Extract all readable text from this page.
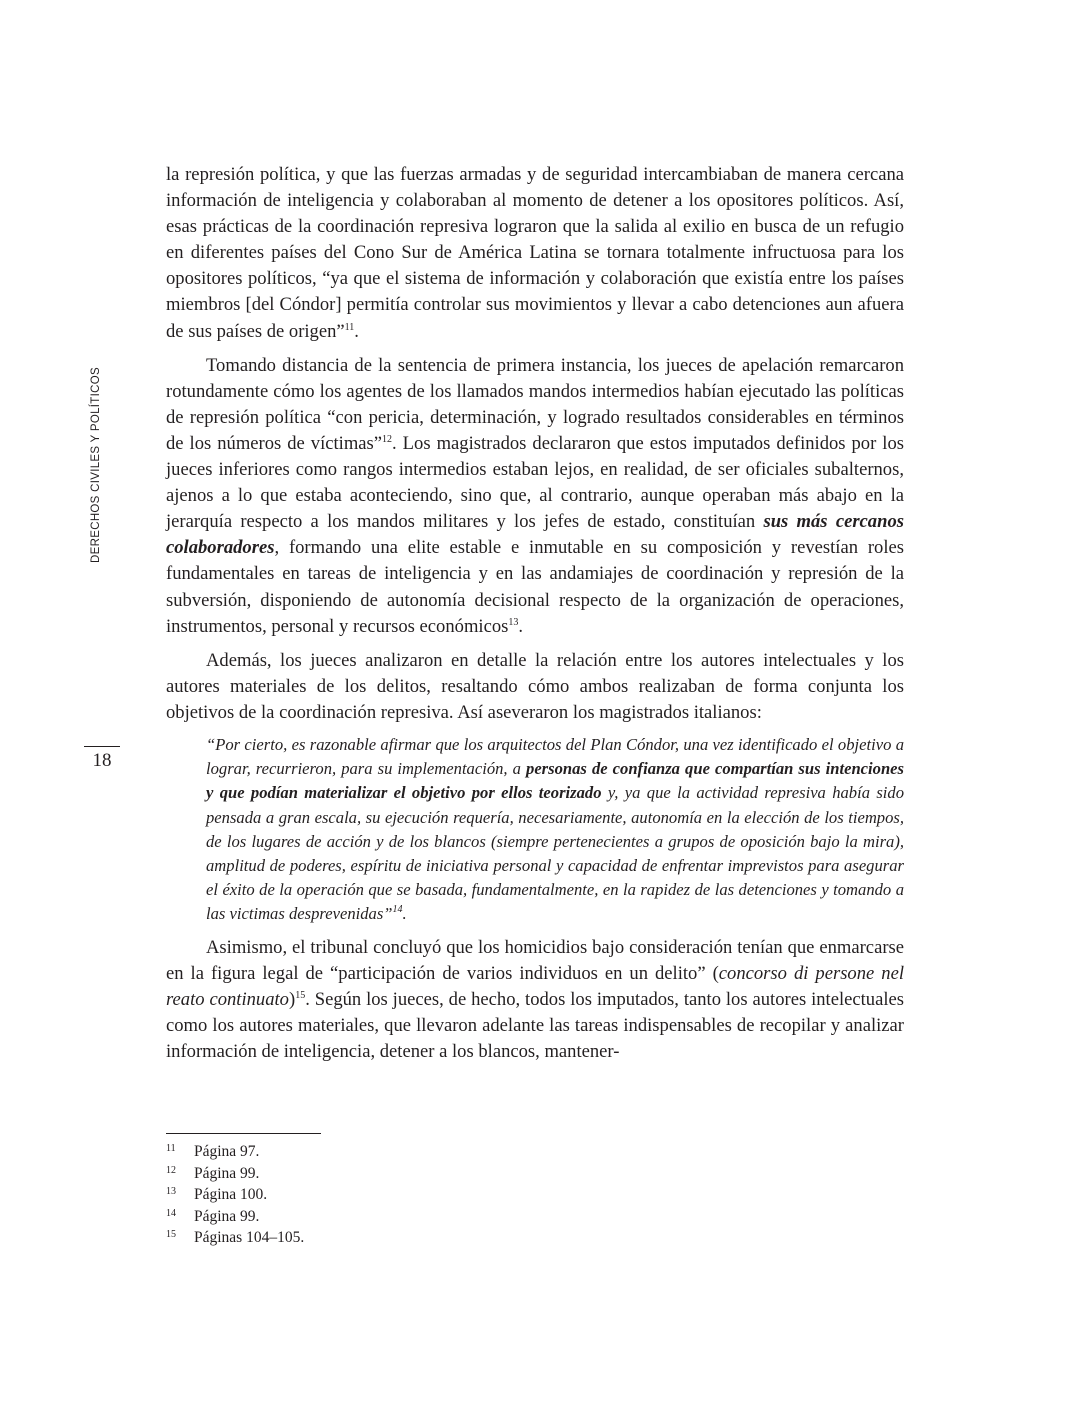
DERECHOS CIVILES Y POLÍTICOS
18

la represión política, y que las fuerzas armadas y de seguridad intercambiaban de manera cercana información de inteligencia y colaboraban al momento de detener a los opositores políticos. Así, esas prácticas de la coordinación represiva lograron que la salida al exilio en busca de un refugio en diferentes países del Cono Sur de América Latina se tornara totalmente infructuosa para los opositores políticos, “ya que el sistema de información y colaboración que existía entre los países miembros [del Cóndor] permitía controlar sus movimientos y llevar a cabo detenciones aun afuera de sus países de origen”$^{11}$.

Tomando distancia de la sentencia de primera instancia, los jueces de apelación remarcaron rotundamente cómo los agentes de los llamados mandos intermedios habían ejecutado las políticas de represión política “con pericia, determinación, y logrado resultados considerables en términos de los números de víctimas”$^{12}$. Los magistrados declararon que estos imputados definidos por los jueces inferiores como rangos intermedios estaban lejos, en realidad, de ser oficiales subalternos, ajenos a lo que estaba aconteciendo, sino que, al contrario, aunque operaban más abajo en la jerarquía respecto a los mandos militares y los jefes de estado, constituían sus más cercanos colaboradores, formando una elite estable e inmutable en su composición y revestían roles fundamentales en tareas de inteligencia y en las andamiajes de coordinación y represión de la subversión, disponiendo de autonomía decisional respecto de la organización de operaciones, instrumentos, personal y recursos económicos$^{13}$.

Además, los jueces analizaron en detalle la relación entre los autores intelectuales y los autores materiales de los delitos, resaltando cómo ambos realizaban de forma conjunta los objetivos de la coordinación represiva. Así aseveraron los magistrados italianos:

“Por cierto, es razonable afirmar que los arquitectos del Plan Cóndor, una vez identificado el objetivo a lograr, recurrieron, para su implementación, a personas de confianza que compartían sus intenciones y que podían materializar el objetivo por ellos teorizado y, ya que la actividad represiva había sido pensada a gran escala, su ejecución requería, necesariamente, autonomía en la elección de los tiempos, de los lugares de acción y de los blancos (siempre pertenecientes a grupos de oposición bajo la mira), amplitud de poderes, espíritu de iniciativa personal y capacidad de enfrentar imprevistos para asegurar el éxito de la operación que se basada, fundamentalmente, en la rapidez de las detenciones y tomando a las victimas desprevenidas”$^{14}$.

Asimismo, el tribunal concluyó que los homicidios bajo consideración tenían que enmarcarse en la figura legal de “participación de varios individuos en un delito” (concorso di persone nel reato continuato)$^{15}$. Según los jueces, de hecho, todos los imputados, tanto los autores intelectuales como los autores materiales, que llevaron adelante las tareas indispensables de recopilar y analizar información de inteligencia, detener a los blancos, mantener-

11 Página 97.
12 Página 99.
13 Página 100.
14 Página 99.
15 Páginas 104–105.
